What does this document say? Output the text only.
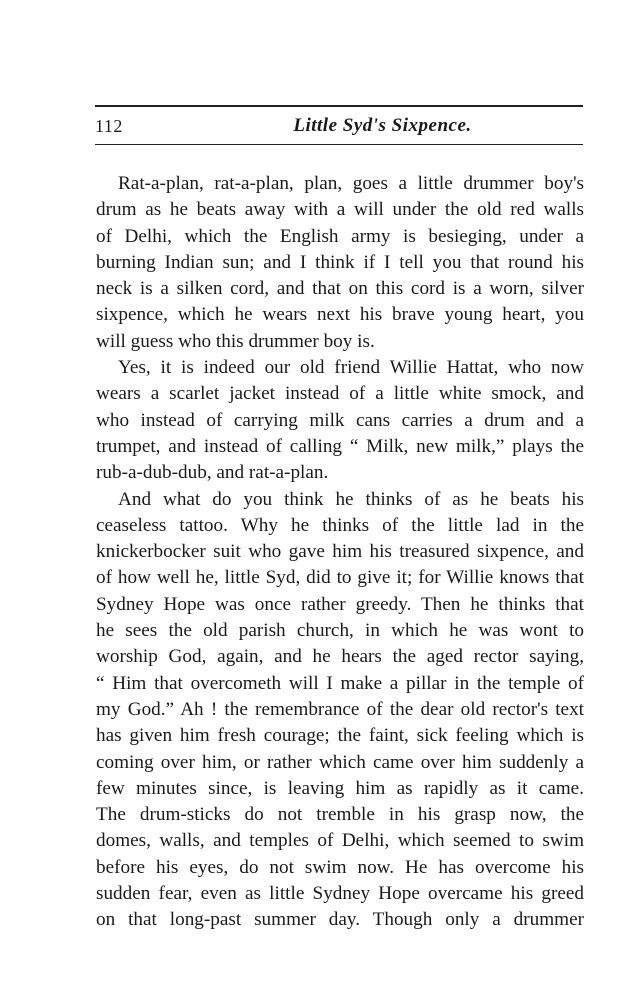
112	Little Syd's Sixpence.
Rat-a-plan, rat-a-plan, plan, goes a little drummer boy's
drum as he beats away with a will under the old red walls
of Delhi, which the English army is besieging, under a
burning Indian sun; and I think if I tell you that round his
neck is a silken cord, and that on this cord is a worn, silver
sixpence, which he wears next his brave young heart, you
will guess who this drummer boy is.
Yes, it is indeed our old friend Willie Hattat, who now
wears a scarlet jacket instead of a little white smock, and
who instead of carrying milk cans carries a drum and a
trumpet, and instead of calling “ Milk, new milk,” plays the
rub-a-dub-dub, and rat-a-plan.
And what do you think he thinks of as he beats his
ceaseless tattoo. Why he thinks of the little lad in the
knickerbocker suit who gave him his treasured sixpence, and
of how well he, little Syd, did to give it; for Willie knows that
Sydney Hope was once rather greedy. Then he thinks that
he sees the old parish church, in which he was wont to
worship God, again, and he hears the aged rector saying,
“ Him that overcometh will I make a pillar in the temple of
my God.” Ah ! the remembrance of the dear old rector's text
has given him fresh courage; the faint, sick feeling which is
coming over him, or rather which came over him suddenly a
few minutes since, is leaving him as rapidly as it came.
The drum-sticks do not tremble in his grasp now, the
domes, walls, and temples of Delhi, which seemed to swim
before his eyes, do not swim now. He has overcome his
sudden fear, even as little Sydney Hope overcame his greed
on that long-past summer day. Though only a drummer
